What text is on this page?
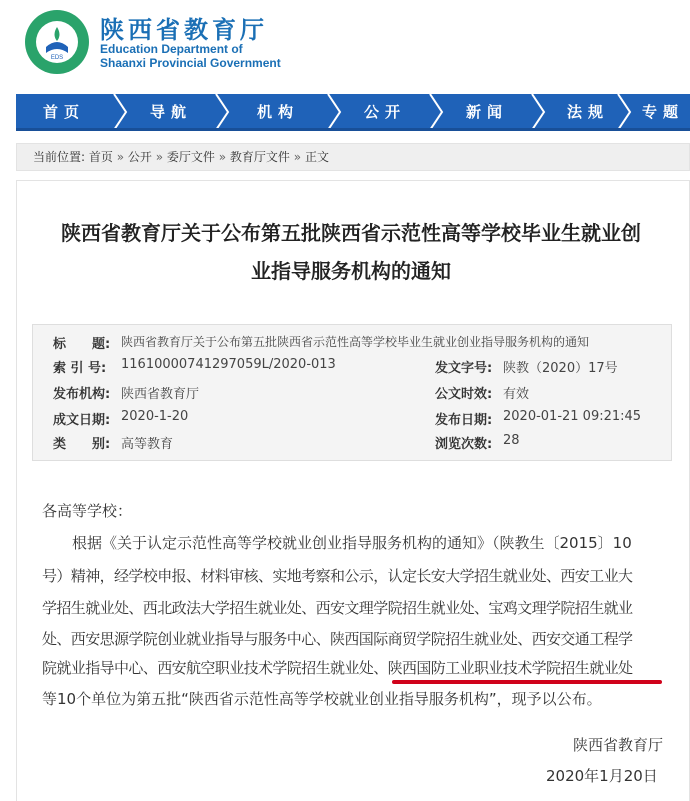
EDS
陕西省教育厅
Education Department of
Shaanxi Provincial Government
首页	导航	机构	公开	新闻	法规	专题
当前位置: 首页 » 公开 » 委厅文件 » 教育厅文件 » 正文
陕西省教育厅关于公布第五批陕西省示范性高等学校毕业生就业创
业指导服务机构的通知
标　　题: 陕西省教育厅关于公布第五批陕西省示范性高等学校毕业生就业创业指导服务机构的通知
索 引 号: 11610000741297059L/2020-013	发文字号: 陕教（2020）17号
发布机构: 陕西省教育厅	公文时效: 有效
成文日期: 2020-1-20	发布日期: 2020-01-21 09:21:45
类　　别: 高等教育	浏览次数: 28
各高等学校：
根据《关于认定示范性高等学校就业创业指导服务机构的通知》（陕教生〔2015〕10
号）精神，经学校申报、材料审核、实地考察和公示，认定长安大学招生就业处、西安工业大
学招生就业处、西北政法大学招生就业处、西安文理学院招生就业处、宝鸡文理学院招生就业
处、西安思源学院创业就业指导与服务中心、陕西国际商贸学院招生就业处、西安交通工程学
院就业指导中心、西安航空职业技术学院招生就业处、陕西国防工业职业技术学院招生就业处
等10个单位为第五批“陕西省示范性高等学校就业创业指导服务机构”，现予以公布。
陕西省教育厅
2020年1月20日
